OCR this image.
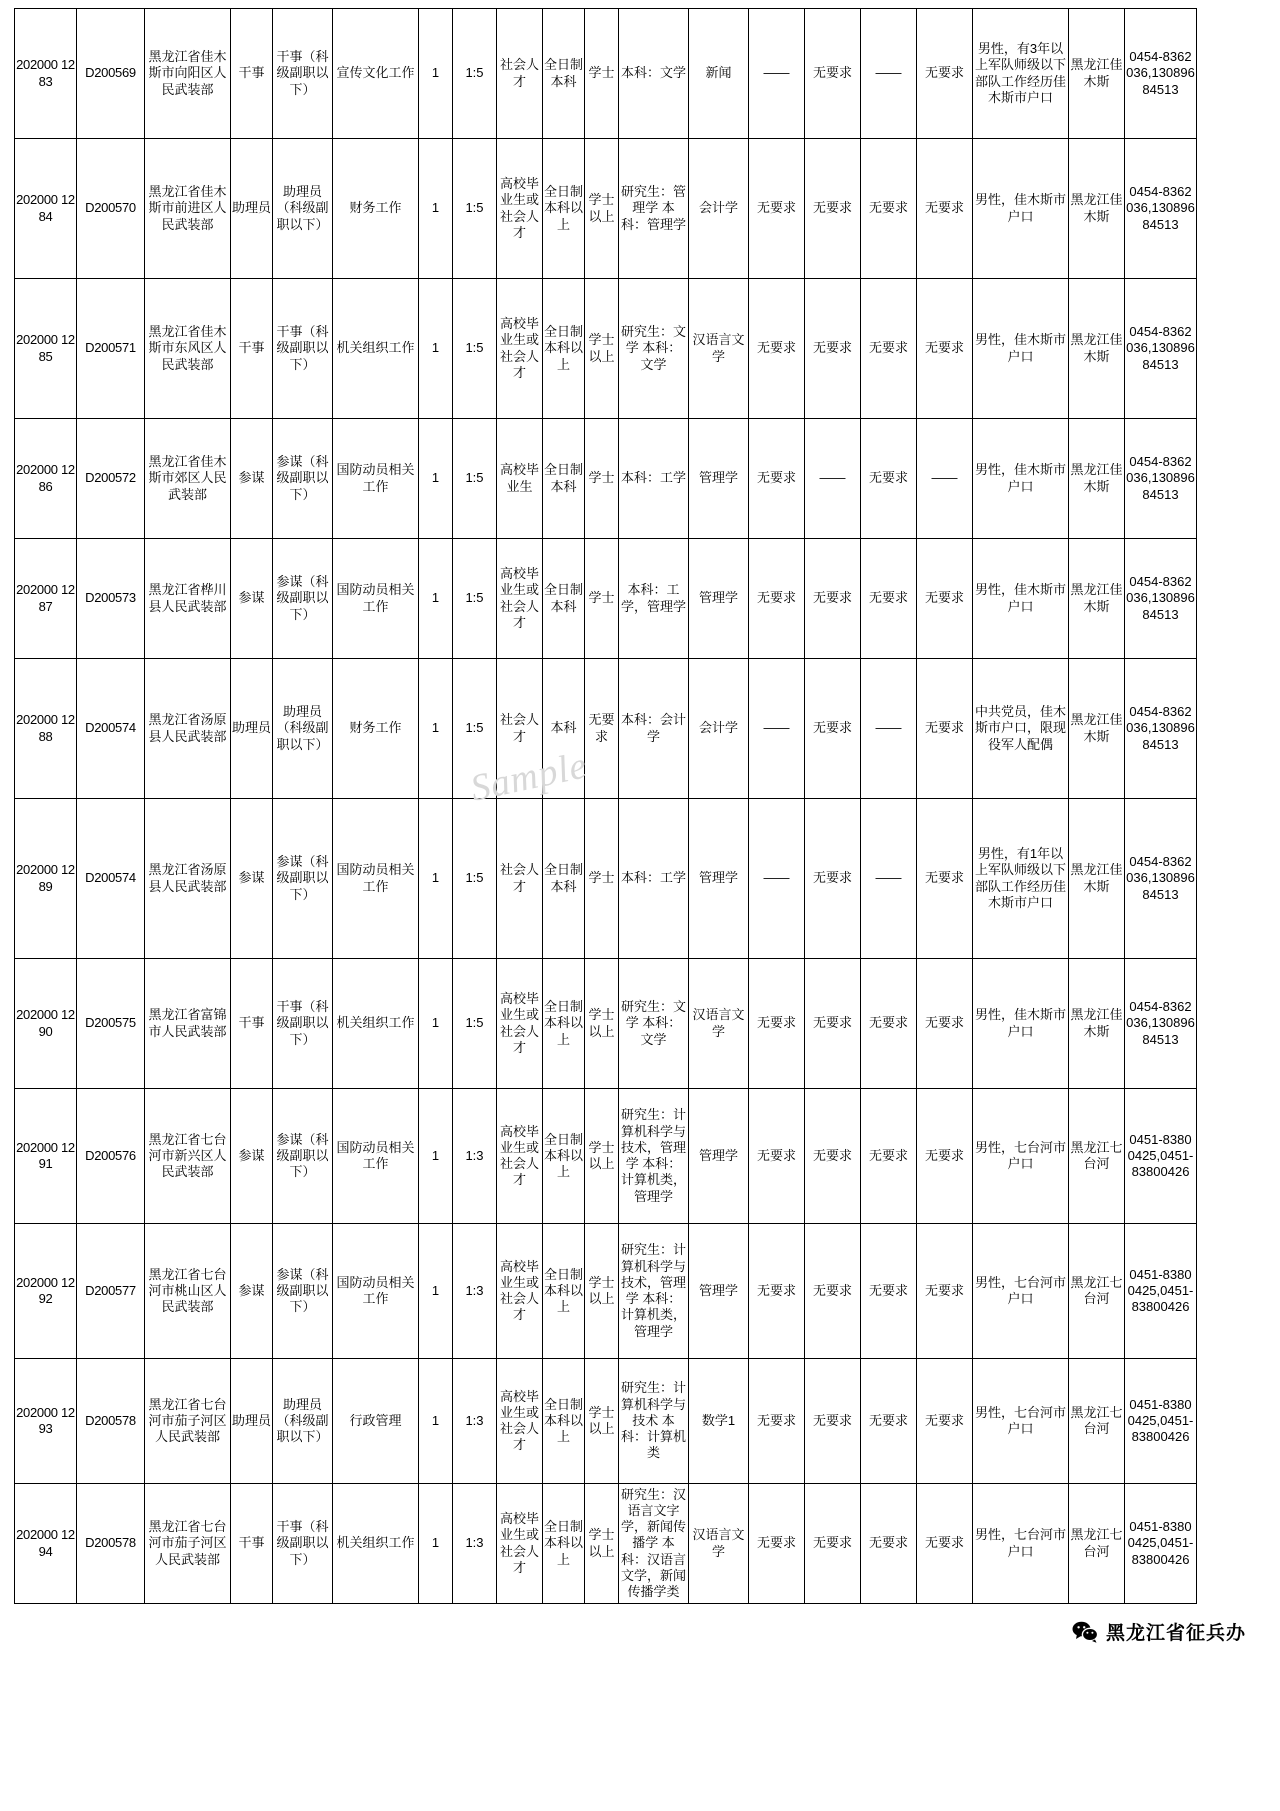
202000 1283	D200569	黑龙江省佳木斯市向阳区人民武装部	干事	干事（科级副职以下）	宣传文化工作	1	1:5	社会人才	全日制本科	学士	本科：文学	新闻	——	无要求	——	无要求	男性，有3年以上军队师级以下部队工作经历佳木斯市户口	黑龙江佳木斯	0454-8362036,13089684513
202000 1284	D200570	黑龙江省佳木斯市前进区人民武装部	助理员	助理员（科级副职以下）	财务工作	1	1:5	高校毕业生或社会人才	全日制本科以上	学士以上	研究生：管理学 本科：管理学	会计学	无要求	无要求	无要求	无要求	男性，佳木斯市户口	黑龙江佳木斯	0454-8362036,13089684513
202000 1285	D200571	黑龙江省佳木斯市东风区人民武装部	干事	干事（科级副职以下）	机关组织工作	1	1:5	高校毕业生或社会人才	全日制本科以上	学士以上	研究生：文学 本科：文学	汉语言文学	无要求	无要求	无要求	无要求	男性，佳木斯市户口	黑龙江佳木斯	0454-8362036,13089684513
202000 1286	D200572	黑龙江省佳木斯市郊区人民武装部	参谋	参谋（科级副职以下）	国防动员相关工作	1	1:5	高校毕业生	全日制本科	学士	本科：工学	管理学	无要求	——	无要求	——	男性，佳木斯市户口	黑龙江佳木斯	0454-8362036,13089684513
202000 1287	D200573	黑龙江省桦川县人民武装部	参谋	参谋（科级副职以下）	国防动员相关工作	1	1:5	高校毕业生或社会人才	全日制本科	学士	本科：工学，管理学	管理学	无要求	无要求	无要求	无要求	男性，佳木斯市户口	黑龙江佳木斯	0454-8362036,13089684513
202000 1288	D200574	黑龙江省汤原县人民武装部	助理员	助理员（科级副职以下）	财务工作	1	1:5	社会人才	本科	无要求	本科：会计学	会计学	——	无要求	——	无要求	中共党员，佳木斯市户口，限现役军人配偶	黑龙江佳木斯	0454-8362036,13089684513
202000 1289	D200574	黑龙江省汤原县人民武装部	参谋	参谋（科级副职以下）	国防动员相关工作	1	1:5	社会人才	全日制本科	学士	本科：工学	管理学	——	无要求	——	无要求	男性，有1年以上军队师级以下部队工作经历佳木斯市户口	黑龙江佳木斯	0454-8362036,13089684513
202000 1290	D200575	黑龙江省富锦市人民武装部	干事	干事（科级副职以下）	机关组织工作	1	1:5	高校毕业生或社会人才	全日制本科以上	学士以上	研究生：文学 本科：文学	汉语言文学	无要求	无要求	无要求	无要求	男性，佳木斯市户口	黑龙江佳木斯	0454-8362036,13089684513
202000 1291	D200576	黑龙江省七台河市新兴区人民武装部	参谋	参谋（科级副职以下）	国防动员相关工作	1	1:3	高校毕业生或社会人才	全日制本科以上	学士以上	研究生：计算机科学与技术，管理学 本科：计算机类，管理学	管理学	无要求	无要求	无要求	无要求	男性，七台河市户口	黑龙江七台河	0451-83800425,0451-83800426
202000 1292	D200577	黑龙江省七台河市桃山区人民武装部	参谋	参谋（科级副职以下）	国防动员相关工作	1	1:3	高校毕业生或社会人才	全日制本科以上	学士以上	研究生：计算机科学与技术，管理学 本科：计算机类，管理学	管理学	无要求	无要求	无要求	无要求	男性，七台河市户口	黑龙江七台河	0451-83800425,0451-83800426
202000 1293	D200578	黑龙江省七台河市茄子河区人民武装部	助理员	助理员（科级副职以下）	行政管理	1	1:3	高校毕业生或社会人才	全日制本科以上	学士以上	研究生：计算机科学与技术 本科：计算机类	数学1	无要求	无要求	无要求	无要求	男性，七台河市户口	黑龙江七台河	0451-83800425,0451-83800426
202000 1294	D200578	黑龙江省七台河市茄子河区人民武装部	干事	干事（科级副职以下）	机关组织工作	1	1:3	高校毕业生或社会人才	全日制本科以上	学士以上	研究生：汉语言文字学，新闻传播学 本科：汉语言文学，新闻传播学类	汉语言文学	无要求	无要求	无要求	无要求	男性，七台河市户口	黑龙江七台河	0451-83800425,0451-83800426
Sample
黑龙江省征兵办
